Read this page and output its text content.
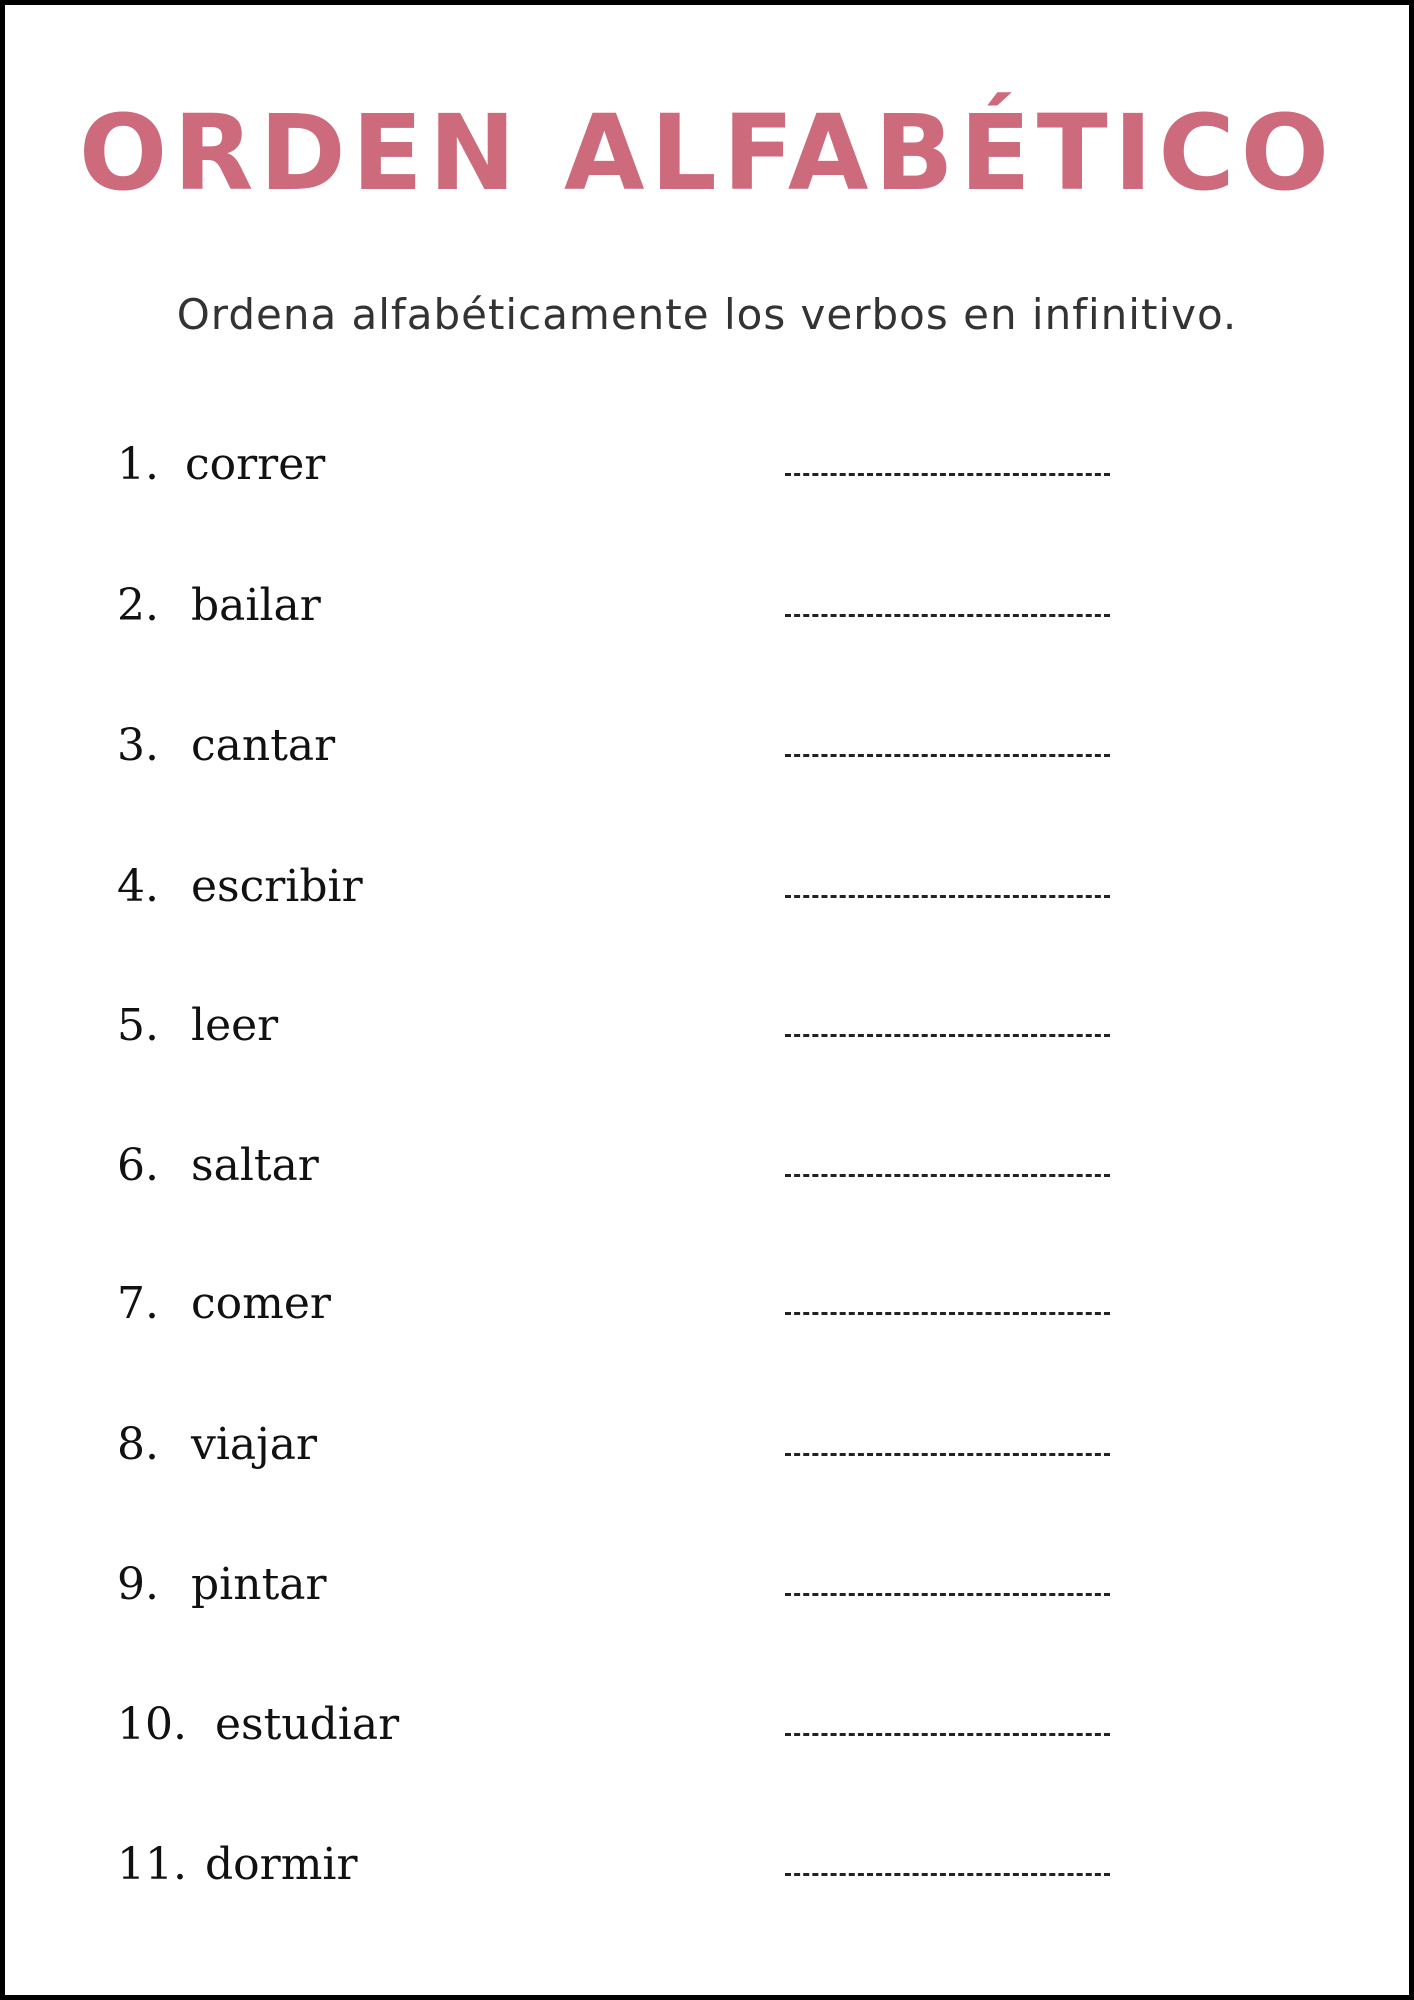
ORDEN ALFABÉTICO

Ordena alfabéticamente los verbos en infinitivo.

1. correr
2. bailar
3. cantar
4. escribir
5. leer
6. saltar
7. comer
8. viajar
9. pintar
10. estudiar
11. dormir
